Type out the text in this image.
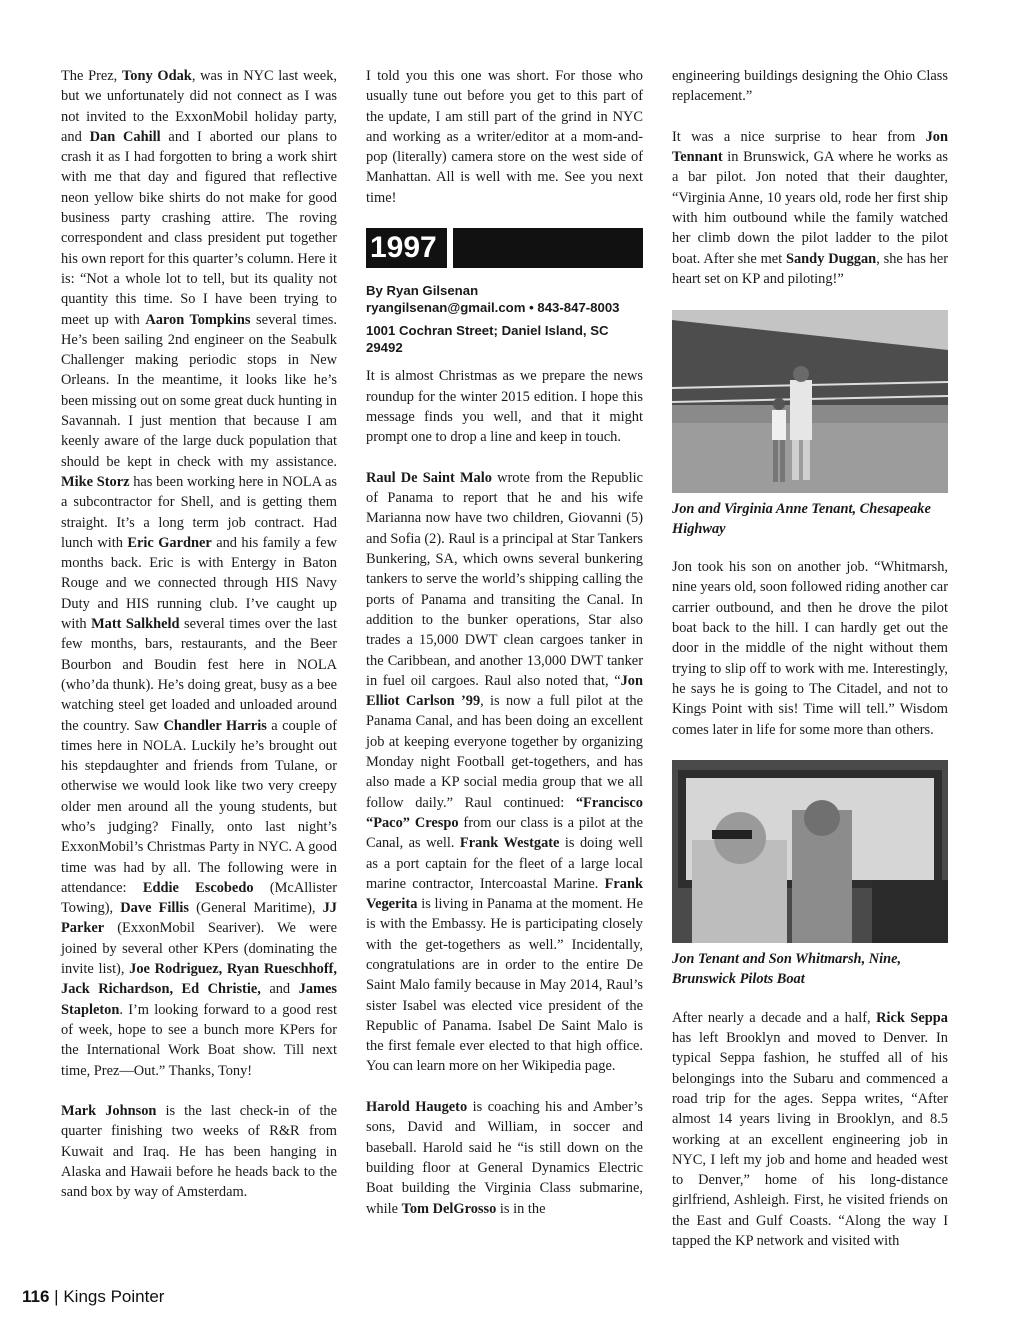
The Prez, Tony Odak, was in NYC last week, but we unfortunately did not connect as I was not invited to the ExxonMobil holiday party, and Dan Cahill and I aborted our plans to crash it as I had forgotten to bring a work shirt with me that day and figured that reflective neon yellow bike shirts do not make for good business party crashing attire. The roving correspondent and class president put together his own report for this quarter’s column. Here it is: “Not a whole lot to tell, but its quality not quantity this time. So I have been trying to meet up with Aaron Tompkins several times. He’s been sailing 2nd engineer on the Seabulk Challenger making periodic stops in New Orleans. In the meantime, it looks like he’s been missing out on some great duck hunting in Savannah. I just mention that because I am keenly aware of the large duck population that should be kept in check with my assistance. Mike Storz has been working here in NOLA as a subcontractor for Shell, and is getting them straight. It’s a long term job contract. Had lunch with Eric Gardner and his family a few months back. Eric is with Entergy in Baton Rouge and we connected through HIS Navy Duty and HIS running club. I’ve caught up with Matt Salkheld several times over the last few months, bars, restaurants, and the Beer Bourbon and Boudin fest here in NOLA (who’da thunk). He’s doing great, busy as a bee watching steel get loaded and unloaded around the country. Saw Chandler Harris a couple of times here in NOLA. Luckily he’s brought out his stepdaughter and friends from Tulane, or otherwise we would look like two very creepy older men around all the young students, but who’s judging? Finally, onto last night’s ExxonMobil’s Christmas Party in NYC. A good time was had by all. The following were in attendance: Eddie Escobedo (McAllister Towing), Dave Fillis (General Maritime), JJ Parker (ExxonMobil Seariver). We were joined by several other KPers (dominating the invite list), Joe Rodriguez, Ryan Rueschhoff, Jack Richardson, Ed Christie, and James Stapleton. I’m looking forward to a good rest of week, hope to see a bunch more KPers for the International Work Boat show. Till next time, Prez—Out.” Thanks, Tony!

Mark Johnson is the last check-in of the quarter finishing two weeks of R&R from Kuwait and Iraq. He has been hanging in Alaska and Hawaii before he heads back to the sand box by way of Amsterdam.

I told you this one was short. For those who usually tune out before you get to this part of the update, I am still part of the grind in NYC and working as a writer/editor at a mom-and-pop (literally) camera store on the west side of Manhattan. All is well with me. See you next time!

1997
By Ryan Gilsenan
ryangilsenan@gmail.com • 843-847-8003
1001 Cochran Street; Daniel Island, SC 29492

It is almost Christmas as we prepare the news roundup for the winter 2015 edition. I hope this message finds you well, and that it might prompt one to drop a line and keep in touch.

Raul De Saint Malo wrote from the Republic of Panama to report that he and his wife Marianna now have two children, Giovanni (5) and Sofia (2). Raul is a principal at Star Tankers Bunkering, SA, which owns several bunkering tankers to serve the world’s shipping calling the ports of Panama and transiting the Canal. In addition to the bunker operations, Star also trades a 15,000 DWT clean cargoes tanker in the Caribbean, and another 13,000 DWT tanker in fuel oil cargoes. Raul also noted that, “Jon Elliot Carlson ’99, is now a full pilot at the Panama Canal, and has been doing an excellent job at keeping everyone together by organizing Monday night Football get-togethers, and has also made a KP social media group that we all follow daily.” Raul continued: “Francisco “Paco” Crespo from our class is a pilot at the Canal, as well. Frank Westgate is doing well as a port captain for the fleet of a large local marine contractor, Intercoastal Marine. Frank Vegerita is living in Panama at the moment. He is with the Embassy. He is participating closely with the get-togethers as well.” Incidentally, congratulations are in order to the entire De Saint Malo family because in May 2014, Raul’s sister Isabel was elected vice president of the Republic of Panama. Isabel De Saint Malo is the first female ever elected to that high office. You can learn more on her Wikipedia page.

Harold Haugeto is coaching his and Amber’s sons, David and William, in soccer and baseball. Harold said he “is still down on the building floor at General Dynamics Electric Boat building the Virginia Class submarine, while Tom DelGrosso is in the

engineering buildings designing the Ohio Class replacement.”

It was a nice surprise to hear from Jon Tennant in Brunswick, GA where he works as a bar pilot. Jon noted that their daughter, “Virginia Anne, 10 years old, rode her first ship with him outbound while the family watched her climb down the pilot ladder to the pilot boat. After she met Sandy Duggan, she has her heart set on KP and piloting!”

Jon and Virginia Anne Tenant, Chesapeake Highway

Jon took his son on another job. “Whitmarsh, nine years old, soon followed riding another car carrier outbound, and then he drove the pilot boat back to the hill. I can hardly get out the door in the middle of the night without them trying to slip off to work with me. Interestingly, he says he is going to The Citadel, and not to Kings Point with sis! Time will tell.” Wisdom comes later in life for some more than others.

Jon Tenant and Son Whitmarsh, Nine, Brunswick Pilots Boat

After nearly a decade and a half, Rick Seppa has left Brooklyn and moved to Denver. In typical Seppa fashion, he stuffed all of his belongings into the Subaru and commenced a road trip for the ages. Seppa writes, “After almost 14 years living in Brooklyn, and 8.5 working at an excellent engineering job in NYC, I left my job and home and headed west to Denver,” home of his long-distance girlfriend, Ashleigh. First, he visited friends on the East and Gulf Coasts. “Along the way I tapped the KP network and visited with

116 | Kings Pointer
